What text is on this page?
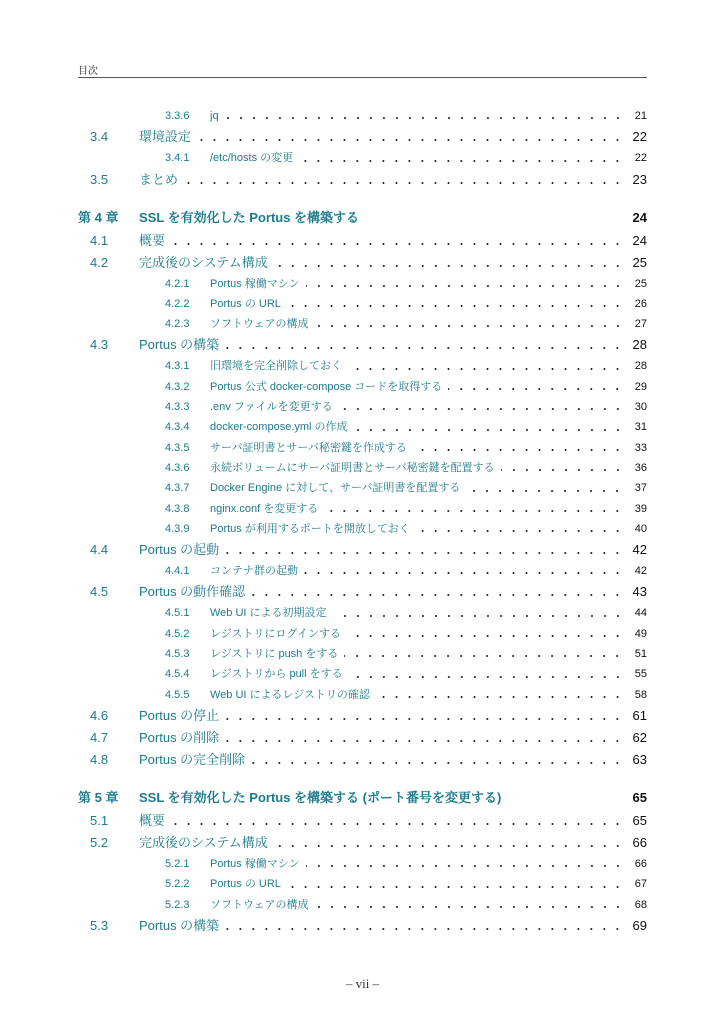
目次
3.3.6	jq	21
3.4	環境設定	22
3.4.1	/etc/hosts の変更	22
3.5	まとめ	23
第 4 章	SSL を有効化した Portus を構築する	24
4.1	概要	24
4.2	完成後のシステム構成	25
4.2.1	Portus 稼働マシン	25
4.2.2	Portus の URL	26
4.2.3	ソフトウェアの構成	27
4.3	Portus の構築	28
4.3.1	旧環境を完全削除しておく	28
4.3.2	Portus 公式 docker-compose コードを取得する	29
4.3.3	.env ファイルを変更する	30
4.3.4	docker-compose.yml の作成	31
4.3.5	サーバ証明書とサーバ秘密鍵を作成する	33
4.3.6	永続ボリュームにサーバ証明書とサーバ秘密鍵を配置する	36
4.3.7	Docker Engine に対して、サーバ証明書を配置する	37
4.3.8	nginx.conf を変更する	39
4.3.9	Portus が利用するポートを開放しておく	40
4.4	Portus の起動	42
4.4.1	コンテナ群の起動	42
4.5	Portus の動作確認	43
4.5.1	Web UI による初期設定	44
4.5.2	レジストリにログインする	49
4.5.3	レジストリに push をする	51
4.5.4	レジストリから pull をする	55
4.5.5	Web UI によるレジストリの確認	58
4.6	Portus の停止	61
4.7	Portus の削除	62
4.8	Portus の完全削除	63
第 5 章	SSL を有効化した Portus を構築する (ポート番号を変更する)	65
5.1	概要	65
5.2	完成後のシステム構成	66
5.2.1	Portus 稼働マシン	66
5.2.2	Portus の URL	67
5.2.3	ソフトウェアの構成	68
5.3	Portus の構築	69
– vii –
